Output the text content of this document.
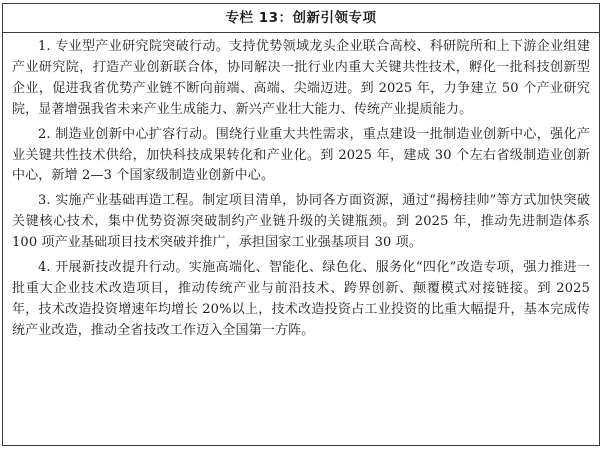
专栏 13：创新引领专项

1. 专业型产业研究院突破行动。支持优势领域龙头企业联合高校、科研院所和上下游企业组建产业研究院，打造产业创新联合体，协同解决一批行业内重大关键共性技术，孵化一批科技创新型企业，促进我省优势产业链不断向前端、高端、尖端迈进。到 2025 年，力争建立 50 个产业研究院，显著增强我省未来产业生成能力、新兴产业壮大能力、传统产业提质能力。

2. 制造业创新中心扩容行动。围绕行业重大共性需求，重点建设一批制造业创新中心，强化产业关键共性技术供给，加快科技成果转化和产业化。到 2025 年，建成 30 个左右省级制造业创新中心，新增 2—3 个国家级制造业创新中心。

3. 实施产业基础再造工程。制定项目清单，协同各方面资源，通过“揭榜挂帅”等方式加快突破关键核心技术，集中优势资源突破制约产业链升级的关键瓶颈。到 2025 年，推动先进制造体系 100 项产业基础项目技术突破并推广，承担国家工业强基项目 30 项。

4. 开展新技改提升行动。实施高端化、智能化、绿色化、服务化“四化”改造专项，强力推进一批重大企业技术改造项目，推动传统产业与前沿技术、跨界创新、颠覆模式对接链接。到 2025 年，技术改造投资增速年均增长 20%以上，技术改造投资占工业投资的比重大幅提升，基本完成传统产业改造，推动全省技改工作迈入全国第一方阵。
